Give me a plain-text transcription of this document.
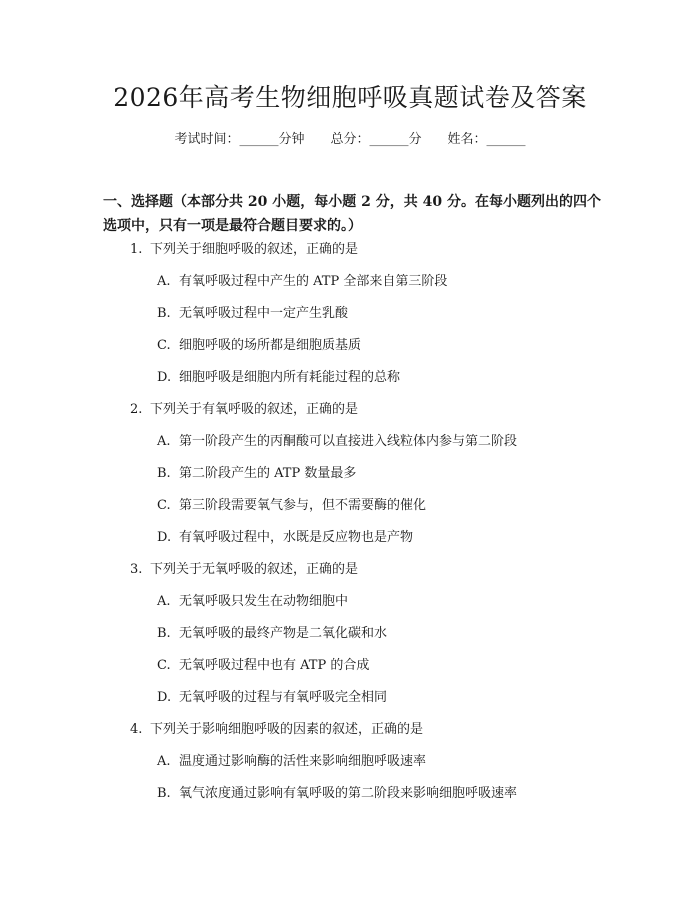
2026年高考生物细胞呼吸真题试卷及答案
考试时间：______分钟 总分：______分 姓名：______
一、选择题（本部分共 20 小题，每小题 2 分，共 40 分。在每小题列出的四个选项中，只有一项是最符合题目要求的。）
1. 下列关于细胞呼吸的叙述，正确的是
A. 有氧呼吸过程中产生的 ATP 全部来自第三阶段
B. 无氧呼吸过程中一定产生乳酸
C. 细胞呼吸的场所都是细胞质基质
D. 细胞呼吸是细胞内所有耗能过程的总称
2. 下列关于有氧呼吸的叙述，正确的是
A. 第一阶段产生的丙酮酸可以直接进入线粒体内参与第二阶段
B. 第二阶段产生的 ATP 数量最多
C. 第三阶段需要氧气参与，但不需要酶的催化
D. 有氧呼吸过程中，水既是反应物也是产物
3. 下列关于无氧呼吸的叙述，正确的是
A. 无氧呼吸只发生在动物细胞中
B. 无氧呼吸的最终产物是二氧化碳和水
C. 无氧呼吸过程中也有 ATP 的合成
D. 无氧呼吸的过程与有氧呼吸完全相同
4. 下列关于影响细胞呼吸的因素的叙述，正确的是
A. 温度通过影响酶的活性来影响细胞呼吸速率
B. 氧气浓度通过影响有氧呼吸的第二阶段来影响细胞呼吸速率
